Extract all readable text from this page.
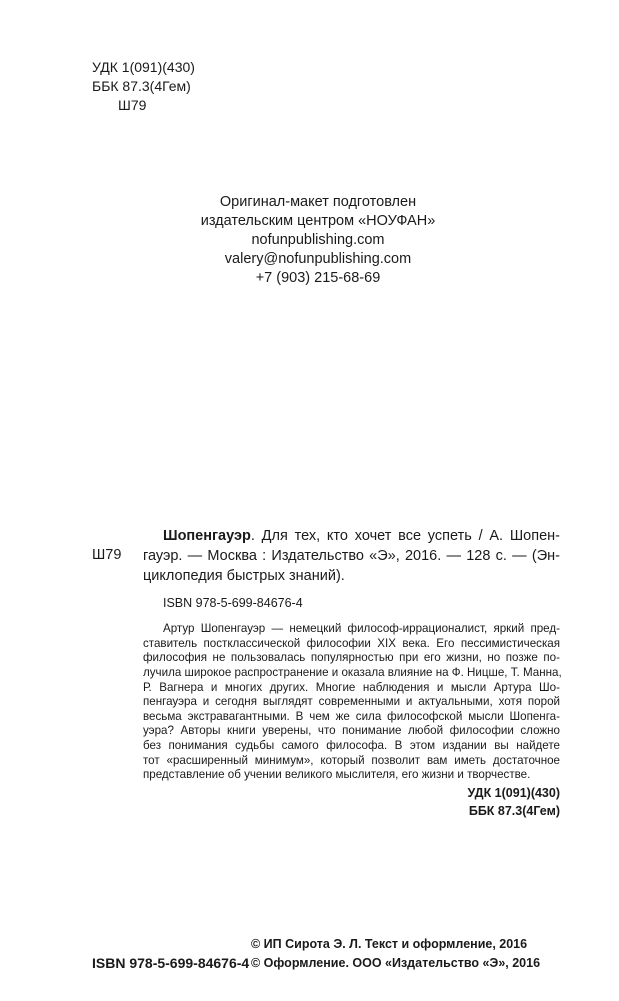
УДК 1(091)(430)
ББК 87.3(4Гем)
Ш79
Оригинал-макет подготовлен
издательским центром «НОУФАН»
nofunpublishing.com
valery@nofunpublishing.com
+7 (903) 215-68-69
Ш79
Шопенгауэр. Для тех, кто хочет все успеть / А. Шопен-
гауэр. — Москва : Издательство «Э», 2016. — 128 с. — (Эн-
циклопедия быстрых знаний).
ISBN 978-5-699-84676-4
Артур Шопенгауэр — немецкий философ-иррационалист, яркий пред-
ставитель постклассической философии XIX века. Его пессимистическая
философия не пользовалась популярностью при его жизни, но позже по-
лучила широкое распространение и оказала влияние на Ф. Ницше, Т. Манна,
Р. Вагнера и многих других. Многие наблюдения и мысли Артура Шо-
пенгауэра и сегодня выглядят современными и актуальными, хотя порой
весьма экстравагантными. В чем же сила философской мысли Шопенга-
уэра? Авторы книги уверены, что понимание любой философии сложно
без понимания судьбы самого философа. В этом издании вы найдете
тот «расширенный минимум», который позволит вам иметь достаточное
представление об учении великого мыслителя, его жизни и творчестве.
УДК 1(091)(430)
ББК 87.3(4Гем)
© ИП Сирота Э. Л. Текст и оформление, 2016
© Оформление. ООО «Издательство «Э», 2016
ISBN 978-5-699-84676-4
